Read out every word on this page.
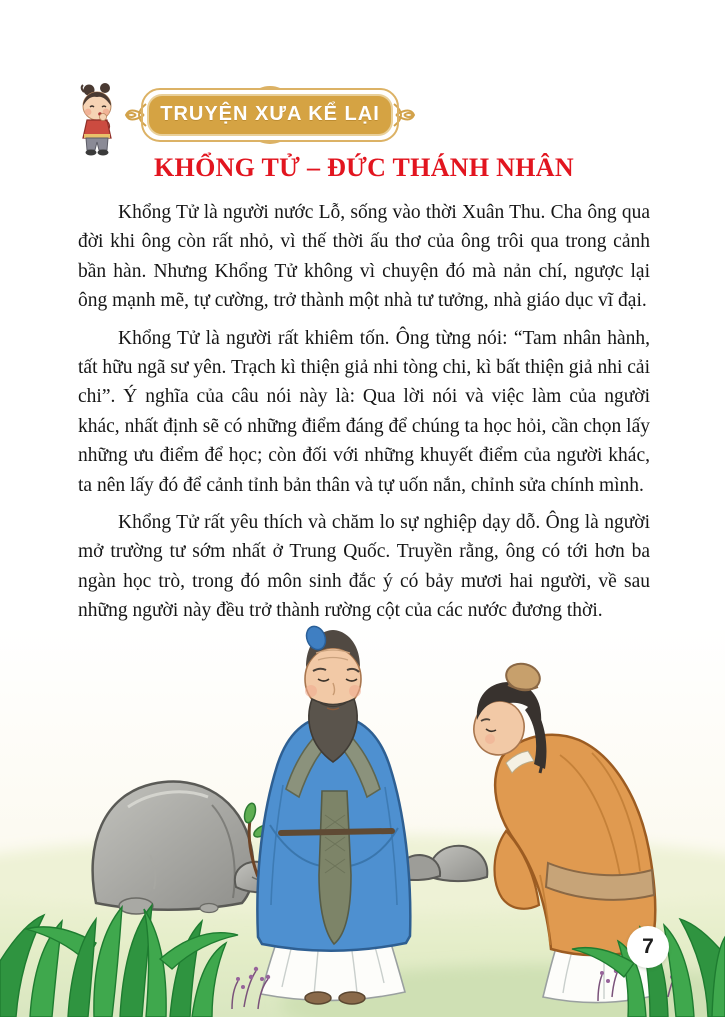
TRUYỆN XƯA KỂ LẠI
KHỔNG TỬ – ĐỨC THÁNH NHÂN

Khổng Tử là người nước Lỗ, sống vào thời Xuân Thu. Cha ông qua đời khi ông còn rất nhỏ, vì thế thời ấu thơ của ông trôi qua trong cảnh bần hàn. Nhưng Khổng Tử không vì chuyện đó mà nản chí, ngược lại ông mạnh mẽ, tự cường, trở thành một nhà tư tưởng, nhà giáo dục vĩ đại.

Khổng Tử là người rất khiêm tốn. Ông từng nói: “Tam nhân hành, tất hữu ngã sư yên. Trạch kì thiện giả nhi tòng chi, kì bất thiện giả nhi cải chi”. Ý nghĩa của câu nói này là: Qua lời nói và việc làm của người khác, nhất định sẽ có những điểm đáng để chúng ta học hỏi, cần chọn lấy những ưu điểm để học; còn đối với những khuyết điểm của người khác, ta nên lấy đó để cảnh tỉnh bản thân và tự uốn nắn, chỉnh sửa chính mình.

Khổng Tử rất yêu thích và chăm lo sự nghiệp dạy dỗ. Ông là người mở trường tư sớm nhất ở Trung Quốc. Truyền rằng, ông có tới hơn ba ngàn học trò, trong đó môn sinh đắc ý có bảy mươi hai người, về sau những người này đều trở thành rường cột của các nước đương thời.

7
